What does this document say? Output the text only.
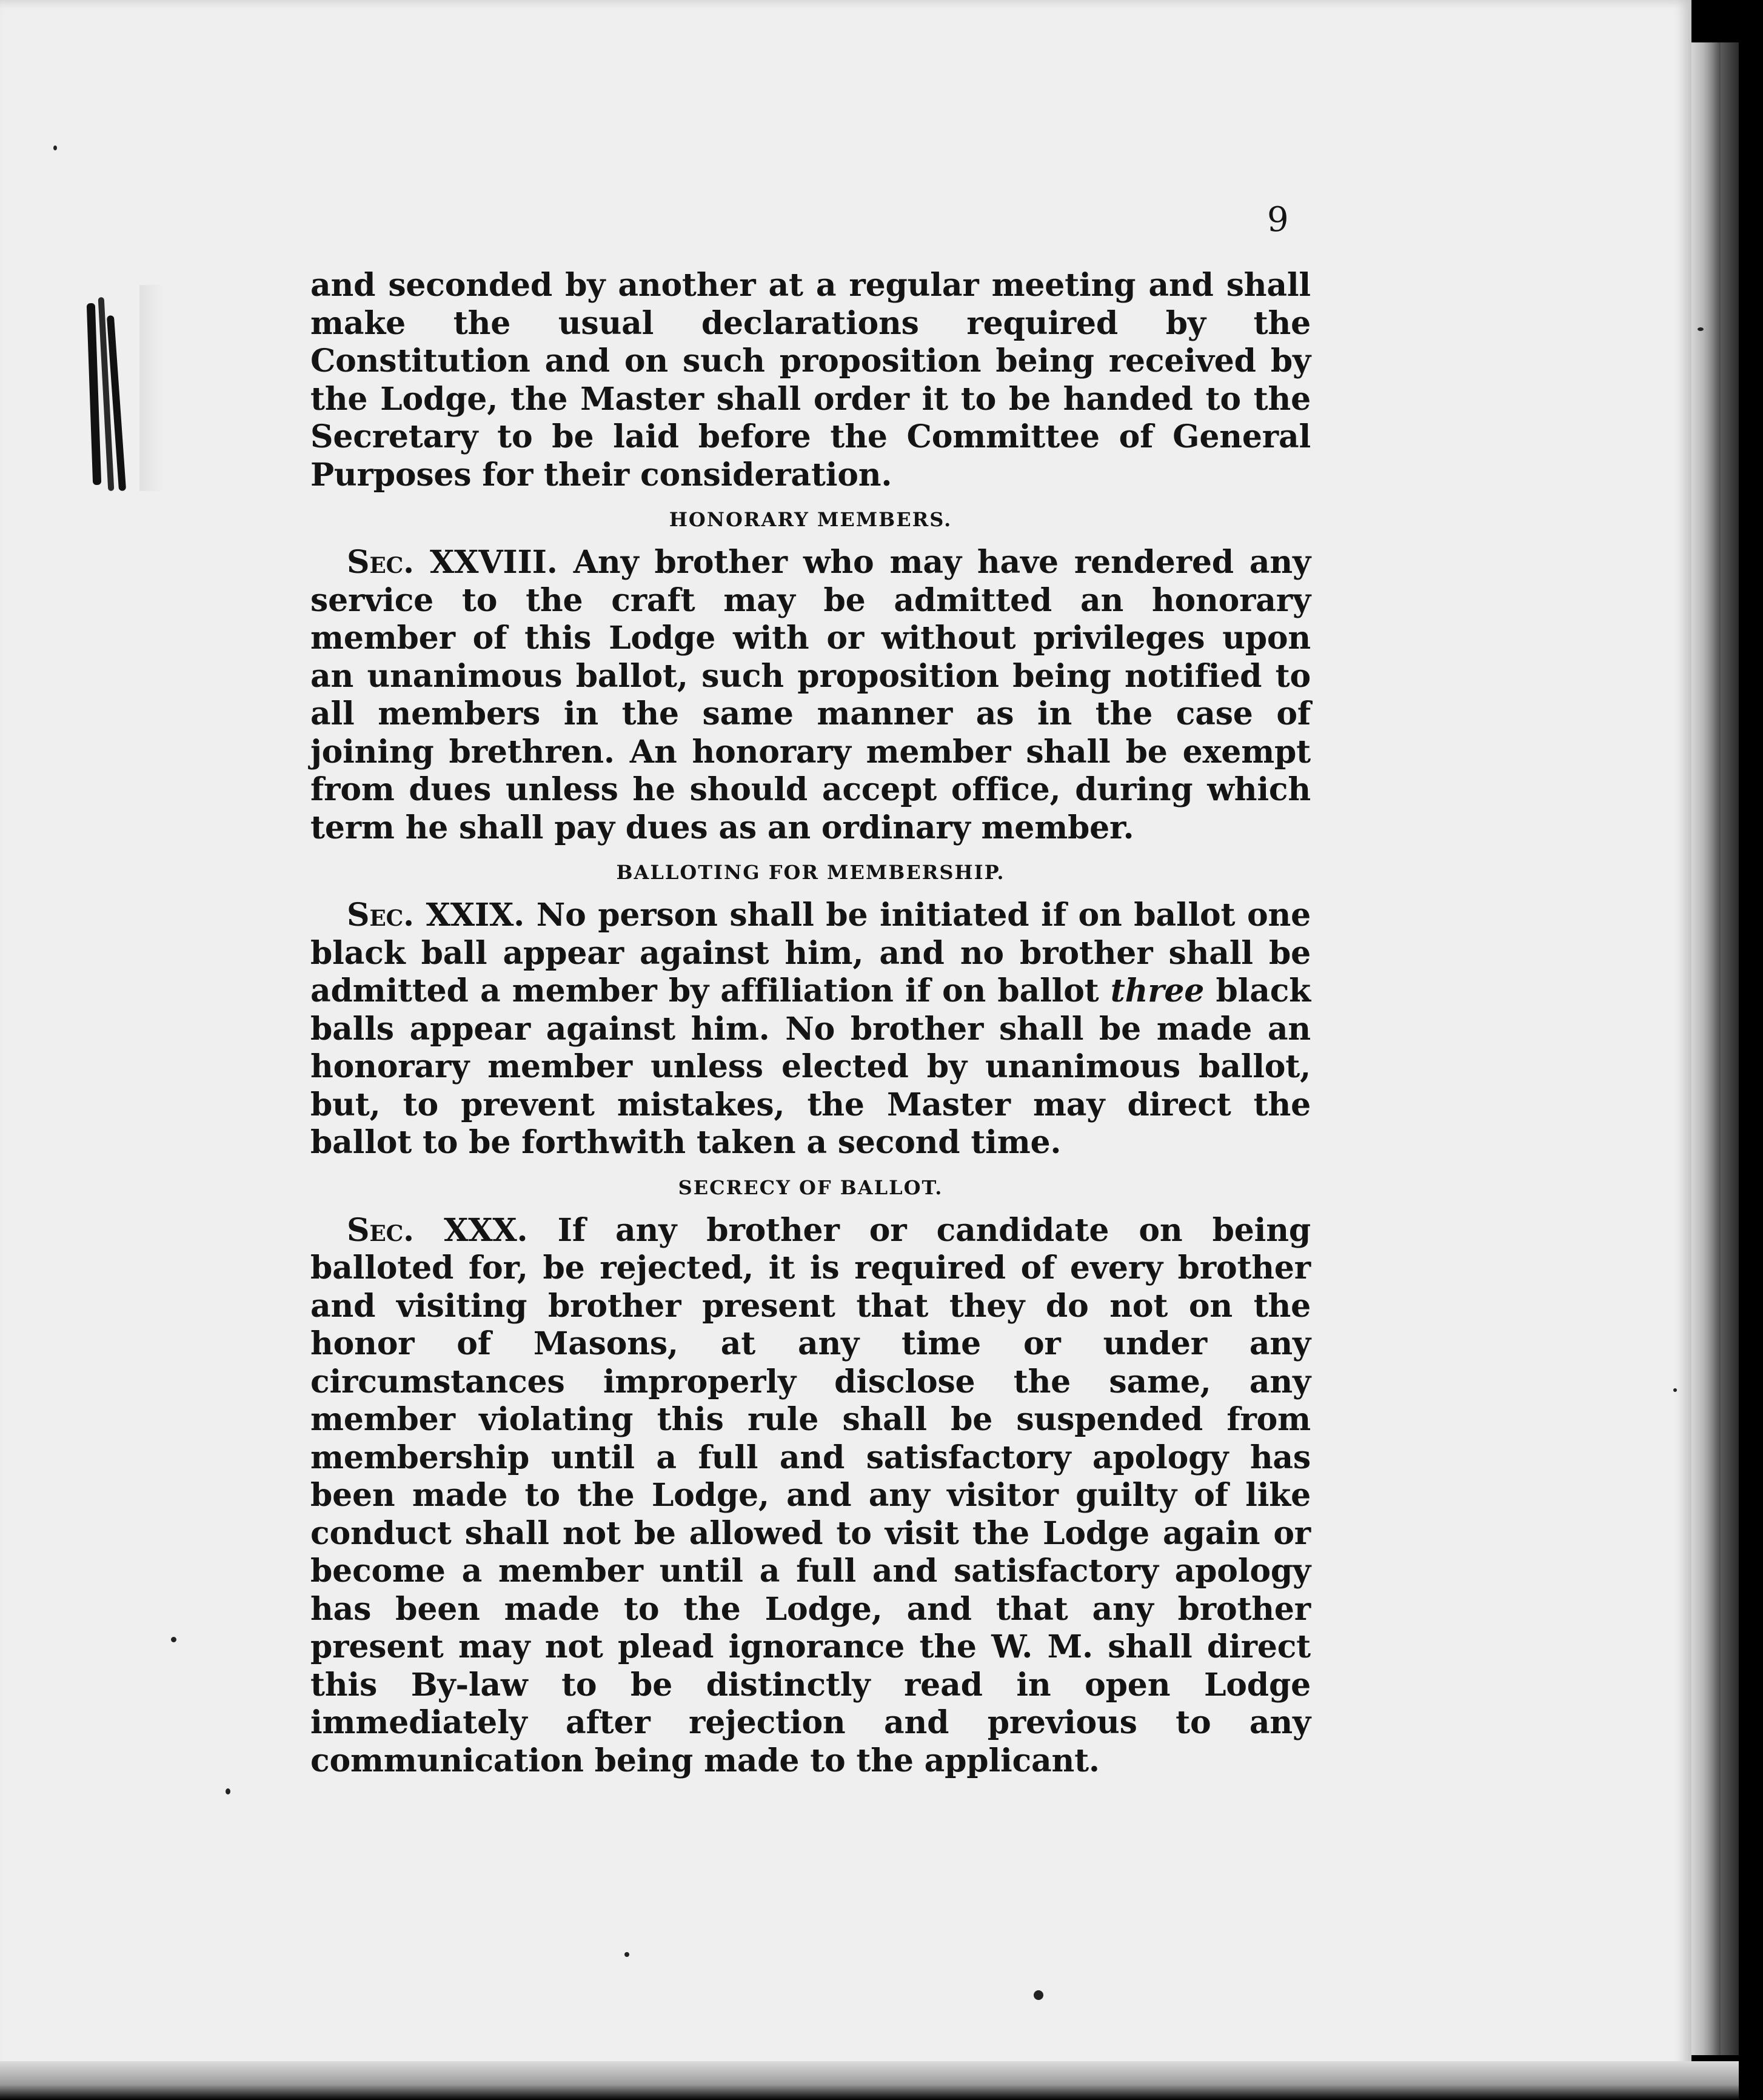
9

and seconded by another at a regular meeting and shall make the usual declarations required by the Constitution and on such proposition being received by the Lodge, the Master shall order it to be handed to the Secretary to be laid before the Committee of General Purposes for their consideration.

HONORARY MEMBERS.

Sec. XXVIII. Any brother who may have rendered any service to the craft may be admitted an honorary member of this Lodge with or without privileges upon an unanimous ballot, such proposition being notified to all members in the same manner as in the case of joining brethren. An honorary member shall be exempt from dues unless he should accept office, during which term he shall pay dues as an ordinary member.

BALLOTING FOR MEMBERSHIP.

Sec. XXIX. No person shall be initiated if on ballot one black ball appear against him, and no brother shall be admitted a member by affiliation if on ballot three black balls appear against him. No brother shall be made an honorary member unless elected by unanimous ballot, but, to prevent mistakes, the Master may direct the ballot to be forthwith taken a second time.

SECRECY OF BALLOT.

Sec. XXX. If any brother or candidate on being balloted for, be rejected, it is required of every brother and visiting brother present that they do not on the honor of Masons, at any time or under any circumstances improperly disclose the same, any member violating this rule shall be suspended from membership until a full and satisfactory apology has been made to the Lodge, and any visitor guilty of like conduct shall not be allowed to visit the Lodge again or become a member until a full and satisfactory apology has been made to the Lodge, and that any brother present may not plead ignorance the W. M. shall direct this By-law to be distinctly read in open Lodge immediately after rejection and previous to any communication being made to the applicant.
